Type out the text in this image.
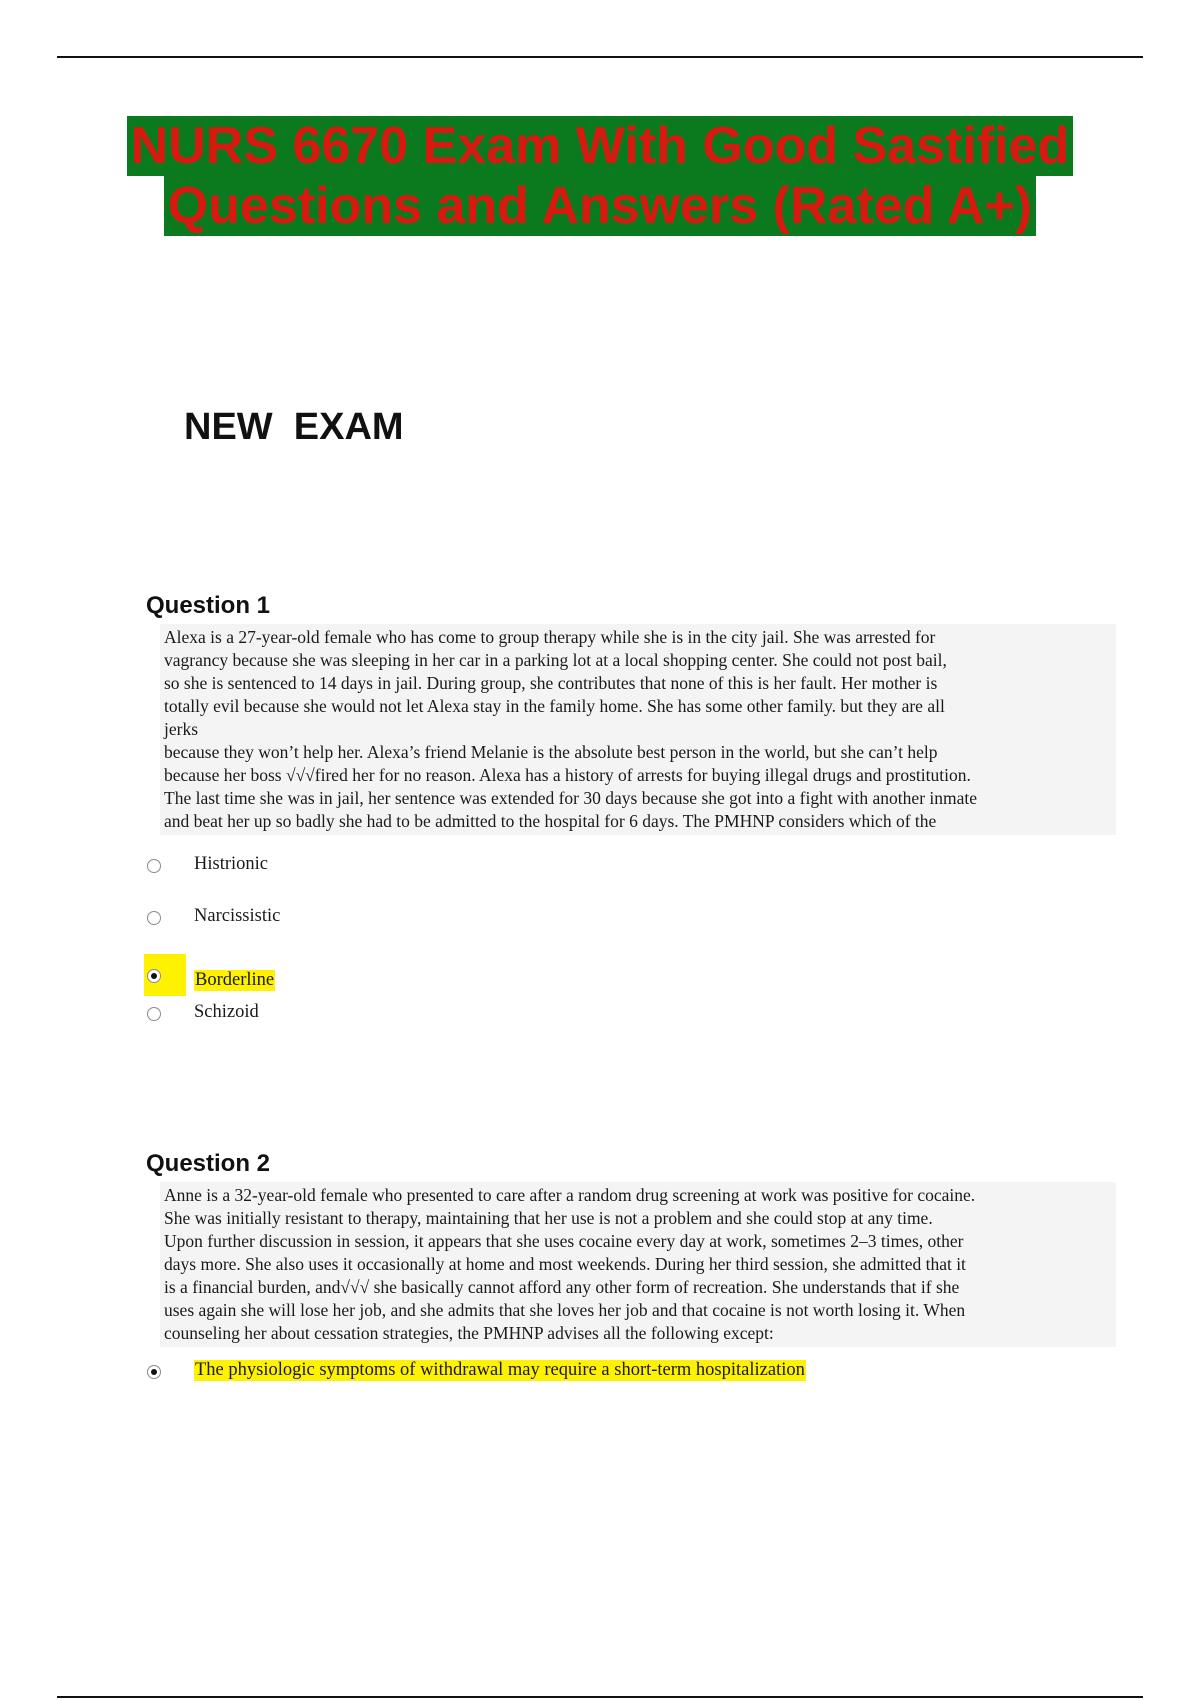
NURS 6670 Exam With Good Sastified
Questions and Answers (Rated A+)
NEW  EXAM
Question 1

Alexa is a 27-year-old female who has come to group therapy while she is in the city jail. She was arrested for

vagrancy because she was sleeping in her car in a parking lot at a local shopping center. She could not post bail,

so she is sentenced to 14 days in jail. During group, she contributes that none of this is her fault. Her mother is

totally evil because she would not let Alexa stay in the family home. She has some other family. but they are all

jerks

because they won’t help her. Alexa’s friend Melanie is the absolute best person in the world, but she can’t help

because her boss √√√fired her for no reason. Alexa has a history of arrests for buying illegal drugs and prostitution.

The last time she was in jail, her sentence was extended for 30 days because she got into a fight with another inmate

and beat her up so badly she had to be admitted to the hospital for 6 days. The PMHNP considers which of the

Histrionic
Narcissistic
Borderline
Schizoid
Question 2

Anne is a 32-year-old female who presented to care after a random drug screening at work was positive for cocaine.

She was initially resistant to therapy, maintaining that her use is not a problem and she could stop at any time.

Upon further discussion in session, it appears that she uses cocaine every day at work, sometimes 2–3 times, other

days more. She also uses it occasionally at home and most weekends. During her third session, she admitted that it

is a financial burden, and√√√ she basically cannot afford any other form of recreation. She understands that if she

uses again she will lose her job, and she admits that she loves her job and that cocaine is not worth losing it. When

counseling her about cessation strategies, the PMHNP advises all the following except:

The physiologic symptoms of withdrawal may require a short-term hospitalization
